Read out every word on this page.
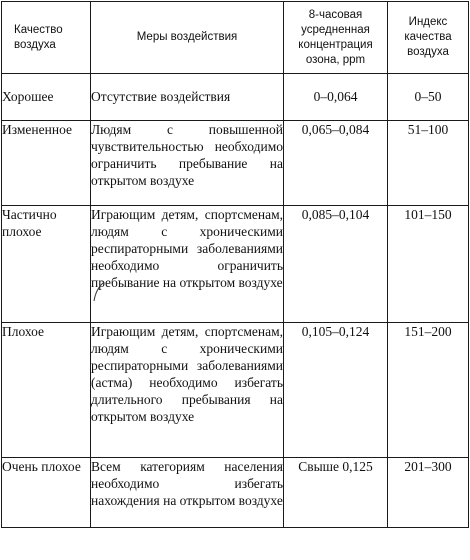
Качество воздуха	Меры воздействия	8-часовая усредненная концентрация озона, ppm	Индекс качества воздуха
Хорошее	Отсутствие воздействия	0–0,064	0–50
Измененное	Людям с повышенной чувствительностью необходимо ограничить пребывание на открытом воздухе	0,065–0,084	51–100
Частично плохое	Играющим детям, спортсменам, людям с хроническими респираторными заболеваниями необходимо ограничить пребывание на открытом воздухе	0,085–0,104	101–150
Плохое	Играющим детям, спортсменам, людям с хроническими респираторными заболеваниями (астма) необходимо избегать длительного пребывания на открытом воздухе	0,105–0,124	151–200
Очень плохое	Всем категориям населения необходимо избегать нахождения на открытом воздухе	Свыше 0,125	201–300
